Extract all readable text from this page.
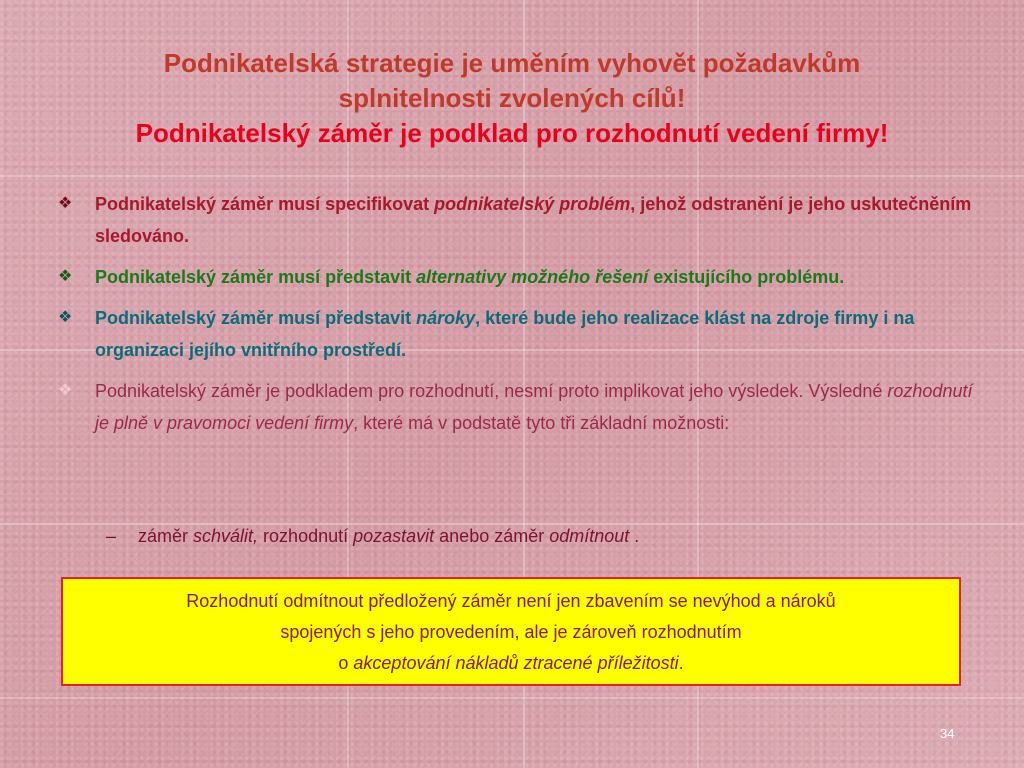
Podnikatelská strategie je uměním vyhovět požadavkům
splnitelnosti zvolených cílů!
Podnikatelský záměr je podklad pro rozhodnutí vedení firmy!
❖ Podnikatelský záměr musí specifikovat podnikatelský problém, jehož odstranění je jeho uskutečněním sledováno.
❖ Podnikatelský záměr musí představit alternativy možného řešení existujícího problému.
❖ Podnikatelský záměr musí představit nároky, které bude jeho realizace klást na zdroje firmy i na organizaci jejího vnitřního prostředí.
❖ Podnikatelský záměr je podkladem pro rozhodnutí, nesmí proto implikovat jeho výsledek. Výsledné rozhodnutí je plně v pravomoci vedení firmy, které má v podstatě tyto tři základní možnosti:
– záměr schválit, rozhodnutí pozastavit anebo záměr odmítnout .
Rozhodnutí odmítnout předložený záměr není jen zbavením se nevýhod a nároků
spojených s jeho provedením, ale je zároveň rozhodnutím
o akceptování nákladů ztracené příležitosti.
34
